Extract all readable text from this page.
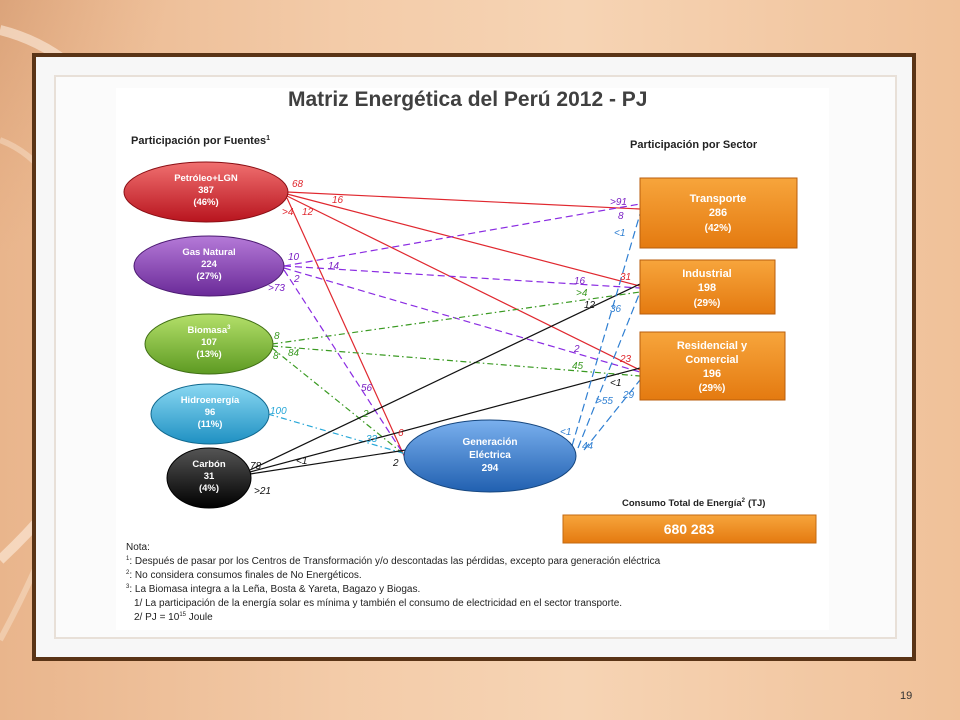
Matriz Energética del Perú 2012 - PJ
Participación por Fuentes$^1$
Participación por Sector
Petróleo+LGN
387
(46%)
Gas Natural
224
(27%)
Biomasa$^3$
107
(13%)
Hidroenergía
96
(11%)
Carbón
31
(4%)
Generación
Eléctrica
294
Transporte
286
(42%)
Industrial
198
(29%)
Residencial y
Comercial
196
(29%)
68
16
>4 12
10
14
2
>73
8
84
8
100
78	<1
>21
56
2
33
6
2
>91
8
<1
16	31
>4
12 36
2
23
45
<1
>55
29
<1
44
Consumo Total de Energía$^2$ (TJ)
680 283
Nota:
$^1$: Después de pasar por los Centros de Transformación y/o descontadas las pérdidas, excepto para generación eléctrica
$^2$: No considera consumos finales de No Energéticos.
$^3$: La Biomasa integra a la Leña, Bosta & Yareta, Bagazo y Biogas.
1/ La participación de la energía solar es mínima y también el consumo de electricidad en el sector transporte.
2/ PJ = $10^{15}$ Joule
19
